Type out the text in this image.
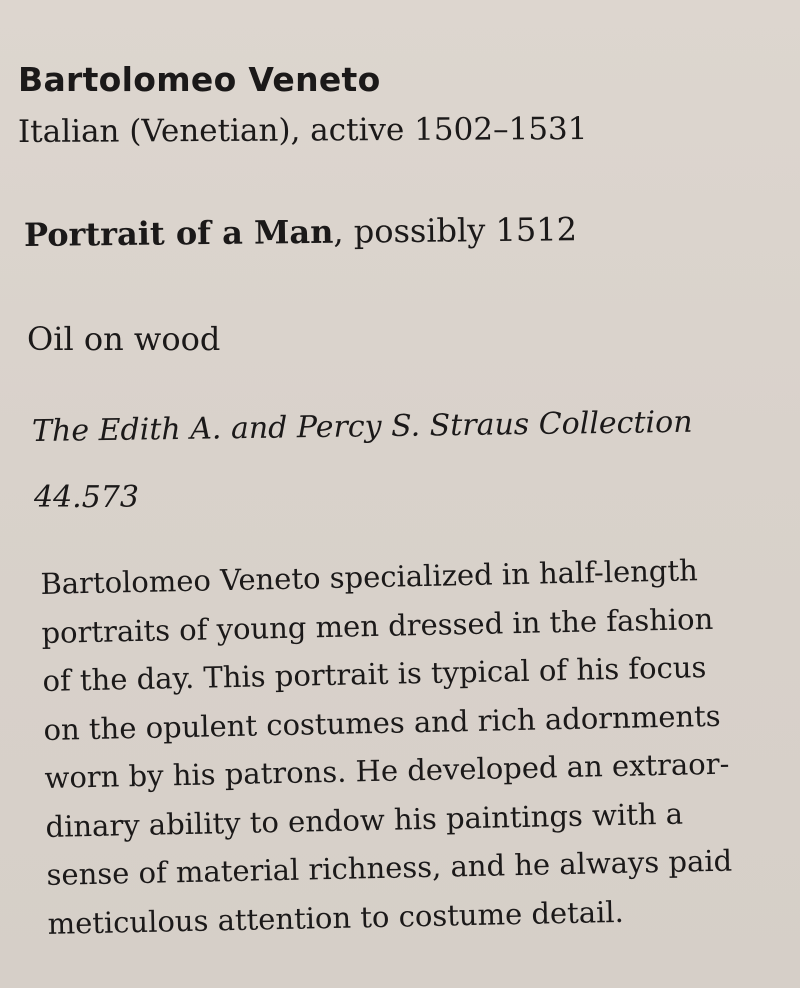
Bartolomeo Veneto

Italian (Venetian), active 1502–1531

Portrait of a Man, possibly 1512

Oil on wood

The Edith A. and Percy S. Straus Collection

44.573

Bartolomeo Veneto specialized in half-length
portraits of young men dressed in the fashion
of the day. This portrait is typical of his focus
on the opulent costumes and rich adornments
worn by his patrons. He developed an extraor-
dinary ability to endow his paintings with a
sense of material richness, and he always paid
meticulous attention to costume detail.
